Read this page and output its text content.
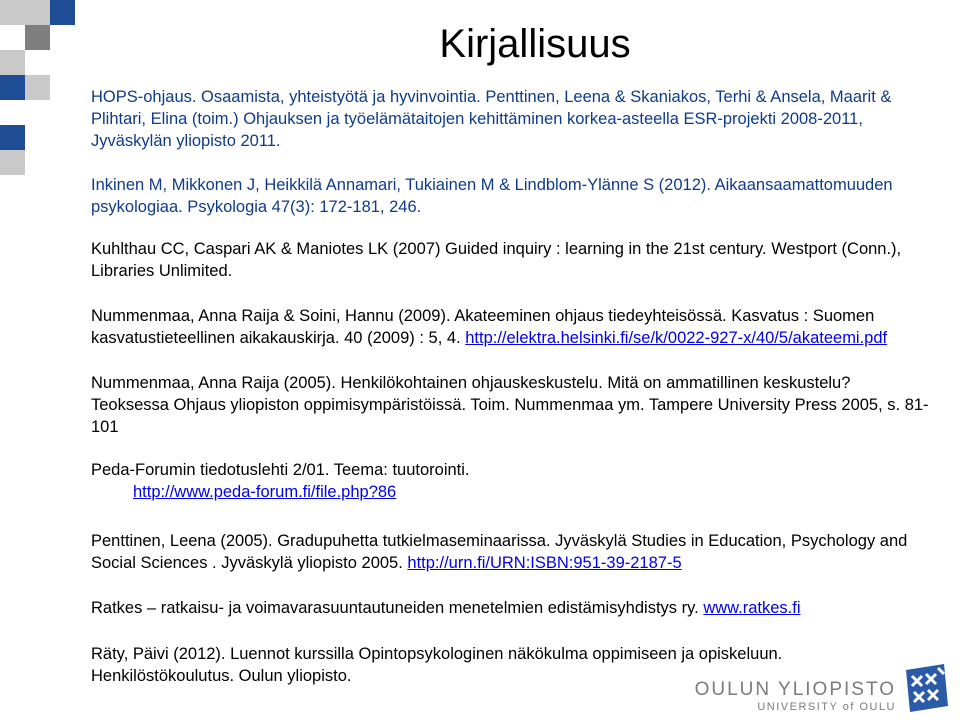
Kirjallisuus

HOPS-ohjaus. Osaamista, yhteistyötä ja hyvinvointia. Penttinen, Leena & Skaniakos, Terhi & Ansela, Maarit & Plihtari, Elina (toim.) Ohjauksen ja työelämätaitojen kehittäminen korkea-asteella ESR-projekti 2008-2011, Jyväskylän yliopisto 2011.

Inkinen M, Mikkonen J, Heikkilä Annamari, Tukiainen M & Lindblom-Ylänne S (2012). Aikaansaamattomuuden psykologiaa. Psykologia 47(3): 172-181, 246.

Kuhlthau CC, Caspari AK & Maniotes LK (2007) Guided inquiry : learning in the 21st century. Westport (Conn.), Libraries Unlimited.

Nummenmaa, Anna Raija & Soini, Hannu (2009). Akateeminen ohjaus tiedeyhteisössä. Kasvatus : Suomen kasvatustieteellinen aikakauskirja. 40 (2009) : 5, 4. http://elektra.helsinki.fi/se/k/0022-927-x/40/5/akateemi.pdf

Nummenmaa, Anna Raija (2005). Henkilökohtainen ohjauskeskustelu. Mitä on ammatillinen keskustelu? Teoksessa Ohjaus yliopiston oppimisympäristöissä. Toim. Nummenmaa ym. Tampere University Press 2005, s. 81-101

Peda-Forumin tiedotuslehti 2/01. Teema: tuutorointi.
http://www.peda-forum.fi/file.php?86

Penttinen, Leena (2005). Gradupuhetta tutkielmaseminaarissa. Jyväskylä Studies in Education, Psychology and Social Sciences . Jyväskylä yliopisto 2005. http://urn.fi/URN:ISBN:951-39-2187-5

Ratkes – ratkaisu- ja voimavarasuuntautuneiden menetelmien edistämisyhdistys ry. www.ratkes.fi

Räty, Päivi (2012). Luennot kurssilla Opintopsykologinen näkökulma oppimiseen ja opiskeluun. Henkilöstökoulutus. Oulun yliopisto.

OULUN YLIOPISTO
UNIVERSITY of OULU
